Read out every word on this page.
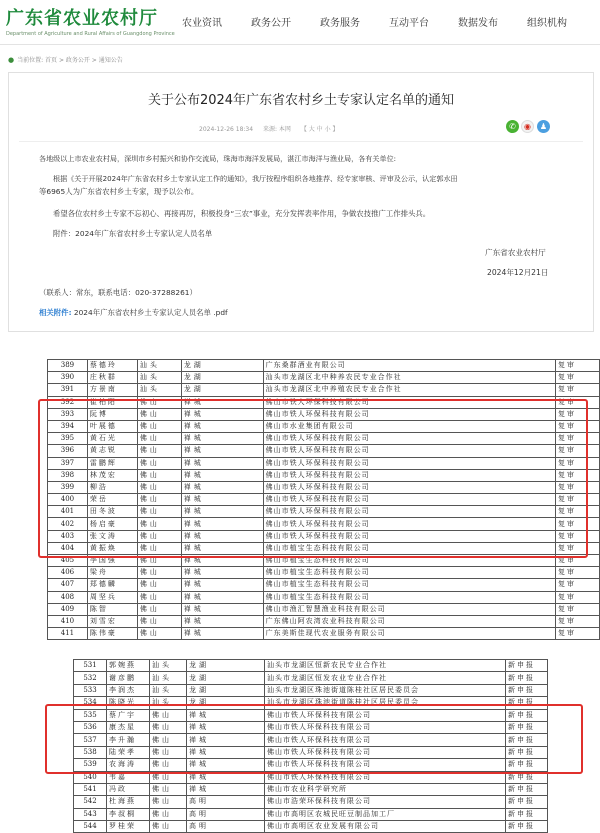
广东省农业农村厅
Department of Agriculture and Rural Affairs of Guangdong Province
农业资讯	政务公开	政务服务	互动平台	数据发布	组织机构
● 当前位置: 首页 > 政务公开 > 通知公告
关于公布2024年广东省农村乡土专家认定名单的通知
2024-12-26 18:34 来源: 本网 【 大 中 小 】	✆	◉	♟
各地级以上市农业农村局，深圳市乡村振兴和协作交流局，珠海市海洋发展局，湛江市海洋与渔业局，各有关单位:
根据《关于开展2024年广东省农村乡土专家认定工作的通知》，我厅按程序组织各地推荐、经专家审核、评审及公示，认定郭水田
等6965人为广东省农村乡土专家，现予以公布。
希望各位农村乡土专家不忘初心、再接再厉，积极投身“三农”事业，充分发挥表率作用，争做农技推广工作排头兵。
附件：2024年广东省农村乡土专家认定人员名单
广东省农业农村厅
2024年12月21日
（联系人：常东，联系电话：020-37288261）
相关附件: 2024年广东省农村乡土专家认定人员名单 .pdf
389	蔡德玲	汕头	龙湖	广东桑群酒业有限公司	复审
390	庄秋群	汕头	龙湖	汕头市龙湖区北中种养农民专业合作社	复审
391	方景南	汕头	龙湖	汕头市龙湖区北中养殖农民专业合作社	复审
392	崔柏阳	佛山	禅城	佛山市铁人环保科技有限公司	复审
393	阮博	佛山	禅城	佛山市铁人环保科技有限公司	复审
394	叶展德	佛山	禅城	佛山市水业集团有限公司	复审
395	黄石光	佛山	禅城	佛山市铁人环保科技有限公司	复审
396	黄志锐	佛山	禅城	佛山市铁人环保科技有限公司	复审
397	雷鹏辉	佛山	禅城	佛山市铁人环保科技有限公司	复审
398	林茂宏	佛山	禅城	佛山市铁人环保科技有限公司	复审
399	柳浩	佛山	禅城	佛山市铁人环保科技有限公司	复审
400	荣岳	佛山	禅城	佛山市铁人环保科技有限公司	复审
401	田冬波	佛山	禅城	佛山市铁人环保科技有限公司	复审
402	杨启豪	佛山	禅城	佛山市铁人环保科技有限公司	复审
403	张文涛	佛山	禅城	佛山市铁人环保科技有限公司	复审
404	黄振焕	佛山	禅城	佛山市植宝生态科技有限公司	复审
405	李国强	佛山	禅城	佛山市植宝生态科技有限公司	复审
406	梁舟	佛山	禅城	佛山市植宝生态科技有限公司	复审
407	郑德麟	佛山	禅城	佛山市植宝生态科技有限公司	复审
408	周坚兵	佛山	禅城	佛山市植宝生态科技有限公司	复审
409	陈智	佛山	禅城	佛山市渔汇智慧渔业科技有限公司	复审
410	刘雪宏	佛山	禅城	广东佛山阿农湾农业科技有限公司	复审
411	陈伟豪	佛山	禅城	广东美斯佳现代农业服务有限公司	复审
531	郭婉燕	汕头	龙湖	汕头市龙湖区恒新农民专业合作社	新申报
532	谢彦鹏	汕头	龙湖	汕头市龙湖区恒发农业专业合作社	新申报
533	李润杰	汕头	龙湖	汕头市龙湖区珠池街道陈桂社区居民委员会	新申报
534	陈晓光	汕头	龙湖	汕头市龙湖区珠池街道陈桂社区居民委员会	新申报
535	蔡广宇	佛山	禅城	佛山市铁人环保科技有限公司	新申报
536	康杰星	佛山	禅城	佛山市铁人环保科技有限公司	新申报
537	李升瀚	佛山	禅城	佛山市铁人环保科技有限公司	新申报
538	陆荣孝	佛山	禅城	佛山市铁人环保科技有限公司	新申报
539	农海涛	佛山	禅城	佛山市铁人环保科技有限公司	新申报
540	韦嘉	佛山	禅城	佛山市铁人环保科技有限公司	新申报
541	冯政	佛山	禅城	佛山市农业科学研究所	新申报
542	杜海燕	佛山	高明	佛山市浩荣环保科技有限公司	新申报
543	李叔桐	佛山	高明	佛山市高明区农城民旺豆制品加工厂	新申报
544	罗桂荣	佛山	高明	佛山市高明区农业发展有限公司	新申报
